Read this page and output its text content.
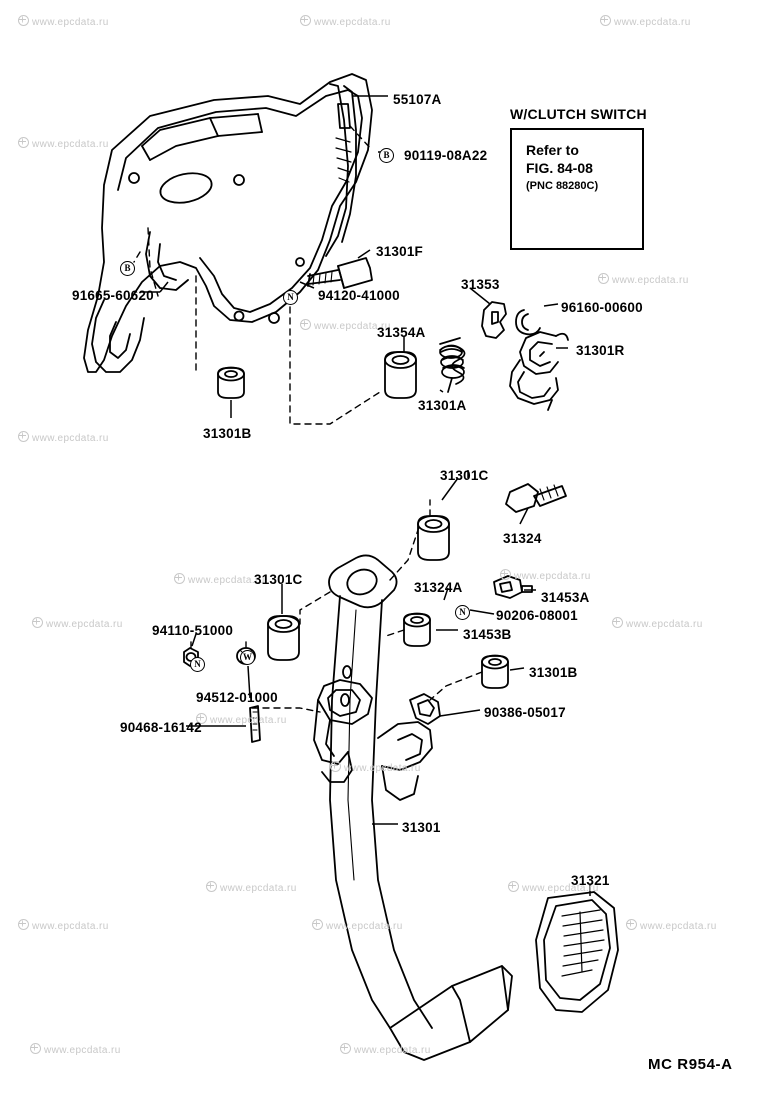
www.epcdata.ru	www.epcdata.ru	www.epcdata.ru
www.epcdata.ru
www.epcdata.ru
www.epcdata.ru
www.epcdata.ru
www.epcdata.ru	www.epcdata.ru
www.epcdata.ru	www.epcdata.ru
www.epcdata.ru
www.epcdata.ru
www.epcdata.ru	www.epcdata.ru
www.epcdata.ru	www.epcdata.ru	www.epcdata.ru
www.epcdata.ru	www.epcdata.ru
W/CLUTCH SWITCH
Refer to
FIG. 84-08
(PNC 88280C)
55107A
90119-08A22
31301F
94120-41000
91665-60620
31353
96160-00600
31354A
31301R
31301A
31301B
31301C
31324
31301C
31324A
31453A
90206-08001
94110-51000	31453B
31301B
94512-01000
90386-05017
90468-16142
31301
31321
B
B
N
N
W
N
MC R954-A
